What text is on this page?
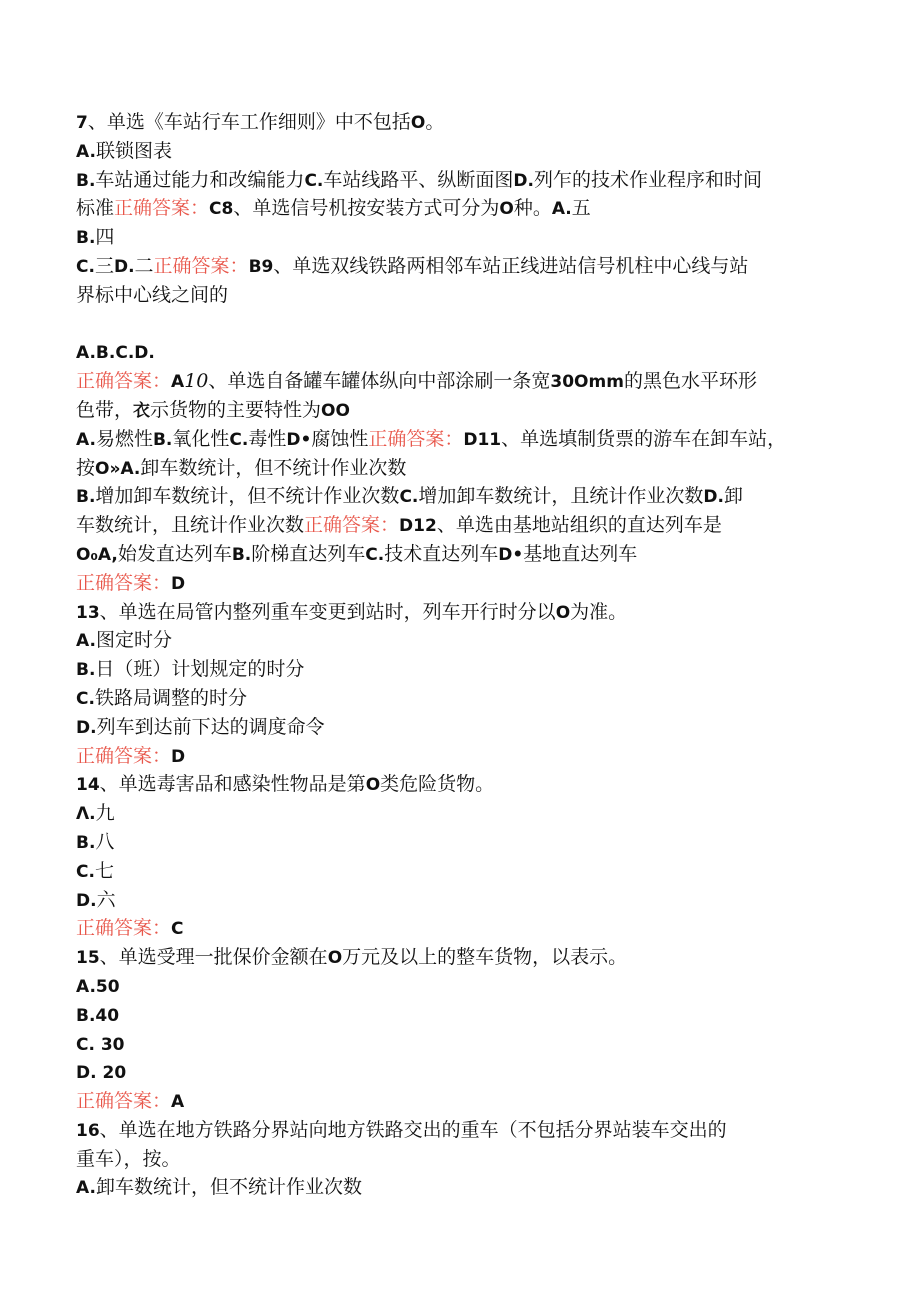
7、单选《车站行车工作细则》中不包括O。
A.联锁图表
B.车站通过能力和改编能力C.车站线路平、纵断面图D.列乍的技术作业程序和时间
标准正确答案：C8、单选信号机按安装方式可分为O种。A.五
B.四
C.三D.二正确答案：B9、单选双线铁路两相邻车站正线进站信号机柱中心线与站
界标中心线之间的
A.B.C.D.
正确答案：A10、单选自备罐车罐体纵向中部涂刷一条宽30Omm的黑色水平环形
色带，衣示货物的主要特性为OO
A.易燃性B.氧化性C.毒性D•腐蚀性正确答案：D11、单选填制货票的游车在卸车站，
按O»A.卸车数统计，但不统计作业次数
B.增加卸车数统计，但不统计作业次数C.增加卸车数统计，且统计作业次数D.卸
车数统计，且统计作业次数正确答案：D12、单选由基地站组织的直达列车是
O₀A,始发直达列车B.阶梯直达列车C.技术直达列车D•基地直达列车
正确答案：D
13、单选在局管内整列重车变更到站时，列车开行时分以O为准。
A.图定时分
B.日（班）计划规定的时分
C.铁路局调整的时分
D.列车到达前下达的调度命令
正确答案：D
14、单选毒害品和感染性物品是第O类危险货物。
Λ.九
B.八
C.七
D.六
正确答案：C
15、单选受理一批保价金额在O万元及以上的整车货物，以表示。
A.50
B.40
C. 30
D. 20
正确答案：A
16、单选在地方铁路分界站向地方铁路交出的重车（不包括分界站装车交出的
重车），按。
A.卸车数统计，但不统计作业次数
